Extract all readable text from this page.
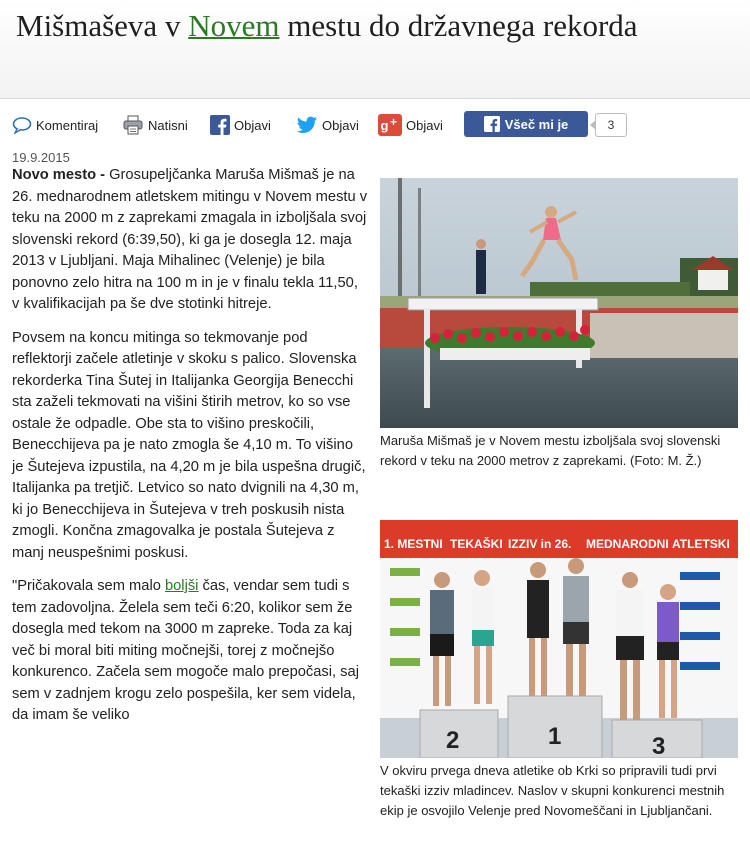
Mišmaševa v Novem mestu do državnega rekorda
Komentiraj	Natisni	Objavi	Objavi g + Objavi	Všeč mi je	3
19.9.2015

Novo mesto - Grosupeljčanka Maruša Mišmaš je na 26. mednarodnem atletskem mitingu v Novem mestu v teku na 2000 m z zaprekami zmagala in izboljšala svoj slovenski rekord (6:39,50), ki ga je dosegla 12. maja 2013 v Ljubljani. Maja Mihalinec (Velenje) je bila ponovno zelo hitra na 100 m in je v finalu tekla 11,50, v kvalifikacijah pa še dve stotinki hitreje.

Povsem na koncu mitinga so tekmovanje pod reflektorji začele atletinje v skoku s palico. Slovenska rekorderka Tina Šutej in Italijanka Georgija Benecchi sta zaželi tekmovati na višini štirih metrov, ko so vse ostale že odpadle. Obe sta to višino preskočili, Benecchijeva pa je nato zmogla še 4,10 m. To višino je Šutejeva izpustila, na 4,20 m je bila uspešna drugič, Italijanka pa tretjič. Letvico so nato dvignili na 4,30 m, ki jo Benecchijeva in Šutejeva v treh poskusih nista zmogli. Končna zmagovalka je postala Šutejeva z manj neuspešnimi poskusi.

"Pričakovala sem malo boljši čas, vendar sem tudi s tem zadovoljna. Želela sem teči 6:20, kolikor sem že dosegla med tekom na 3000 m zapreke. Toda za kaj več bi moral biti miting močnejši, torej z močnejšo konkurenco. Začela sem mogoče malo prepočasi, saj sem v zadnjem krogu zelo pospešila, ker sem videla, da imam še veliko

Maruša Mišmaš je v Novem mestu izboljšala svoj slovenski rekord v teku na 2000 metrov z zaprekami. (Foto: M. Ž.)
1. MESTNI TEKAŠKI IZZIV in 26. MEDNARODNI ATLETSKI
2	1	3
V okviru prvega dneva atletike ob Krki so pripravili tudi prvi tekaški izziv mladincev. Naslov v skupni konkurenci mestnih ekip je osvojilo Velenje pred Novomeščani in Ljubljančani.
